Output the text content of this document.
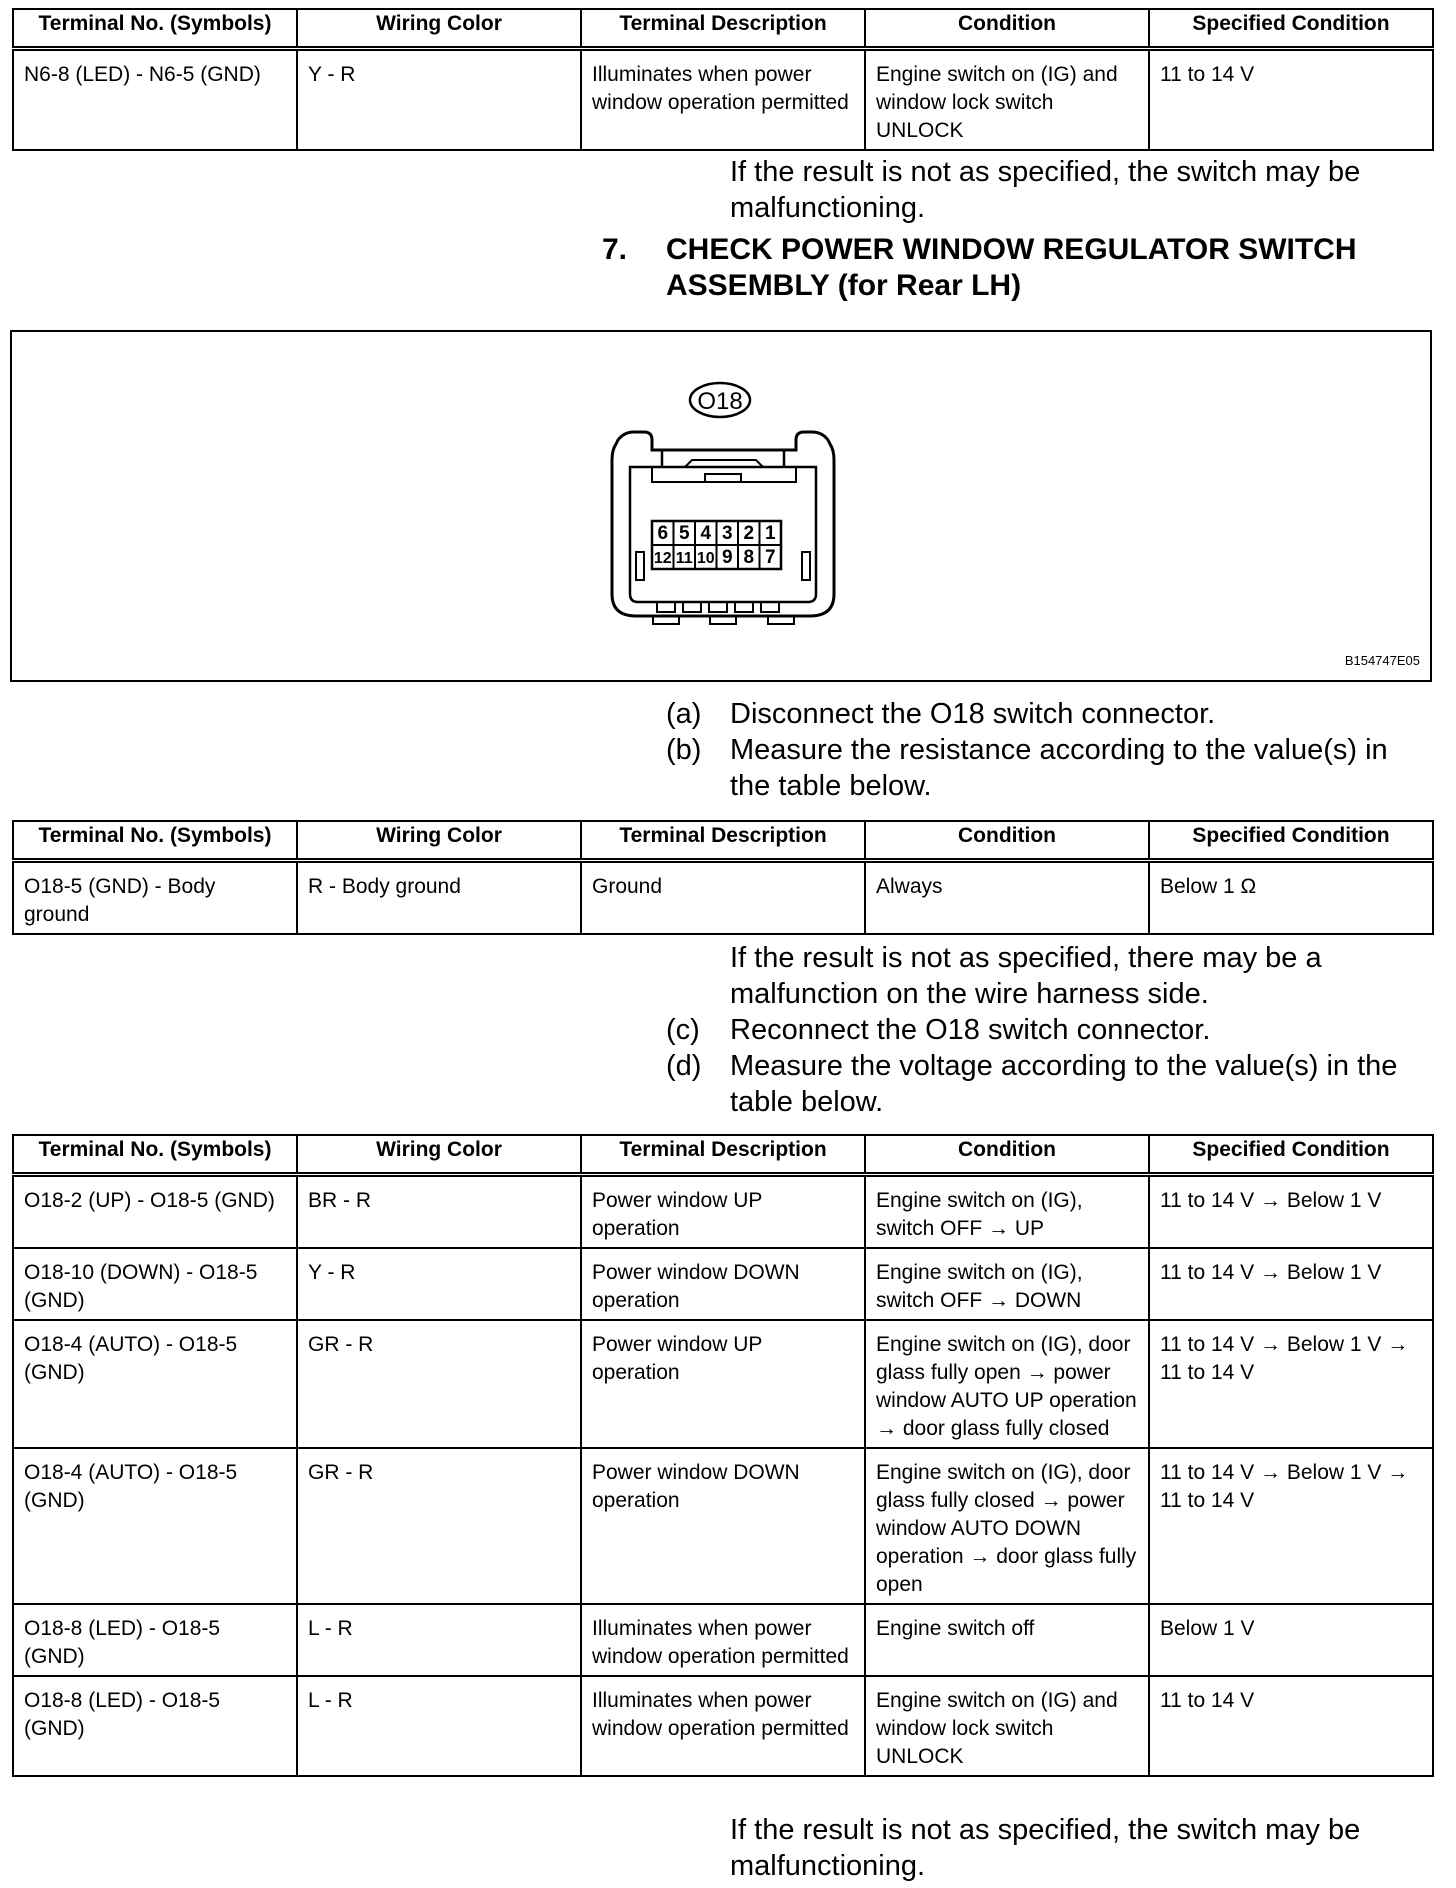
Terminal No. (Symbols)	Wiring Color	Terminal Description	Condition	Specified Condition
N6-8 (LED) - N6-5 (GND)	Y - R	Illuminates when power window operation permitted	Engine switch on (IG) and window lock switch UNLOCK	11 to 14 V
If the result is not as specified, the switch may be malfunctioning.
7. CHECK POWER WINDOW REGULATOR SWITCH ASSEMBLY (for Rear LH)
O18
6 5 4 3 2 1
12 11 10 9 8 7
B154747E05
(a) Disconnect the O18 switch connector.
(b) Measure the resistance according to the value(s) in the table below.
Terminal No. (Symbols)	Wiring Color	Terminal Description	Condition	Specified Condition
O18-5 (GND) - Body ground	R - Body ground	Ground	Always	Below 1 Ω
If the result is not as specified, there may be a malfunction on the wire harness side.
(c) Reconnect the O18 switch connector.
(d) Measure the voltage according to the value(s) in the table below.
Terminal No. (Symbols)	Wiring Color	Terminal Description	Condition	Specified Condition
O18-2 (UP) - O18-5 (GND)	BR - R	Power window UP operation	Engine switch on (IG), switch OFF → UP	11 to 14 V → Below 1 V
O18-10 (DOWN) - O18-5 (GND)	Y - R	Power window DOWN operation	Engine switch on (IG), switch OFF → DOWN	11 to 14 V → Below 1 V
O18-4 (AUTO) - O18-5 (GND)	GR - R	Power window UP operation	Engine switch on (IG), door glass fully open → power window AUTO UP operation → door glass fully closed	11 to 14 V → Below 1 V → 11 to 14 V
O18-4 (AUTO) - O18-5 (GND)	GR - R	Power window DOWN operation	Engine switch on (IG), door glass fully closed → power window AUTO DOWN operation → door glass fully open	11 to 14 V → Below 1 V → 11 to 14 V
O18-8 (LED) - O18-5 (GND)	L - R	Illuminates when power window operation permitted	Engine switch off	Below 1 V
O18-8 (LED) - O18-5 (GND)	L - R	Illuminates when power window operation permitted	Engine switch on (IG) and window lock switch UNLOCK	11 to 14 V
If the result is not as specified, the switch may be malfunctioning.
